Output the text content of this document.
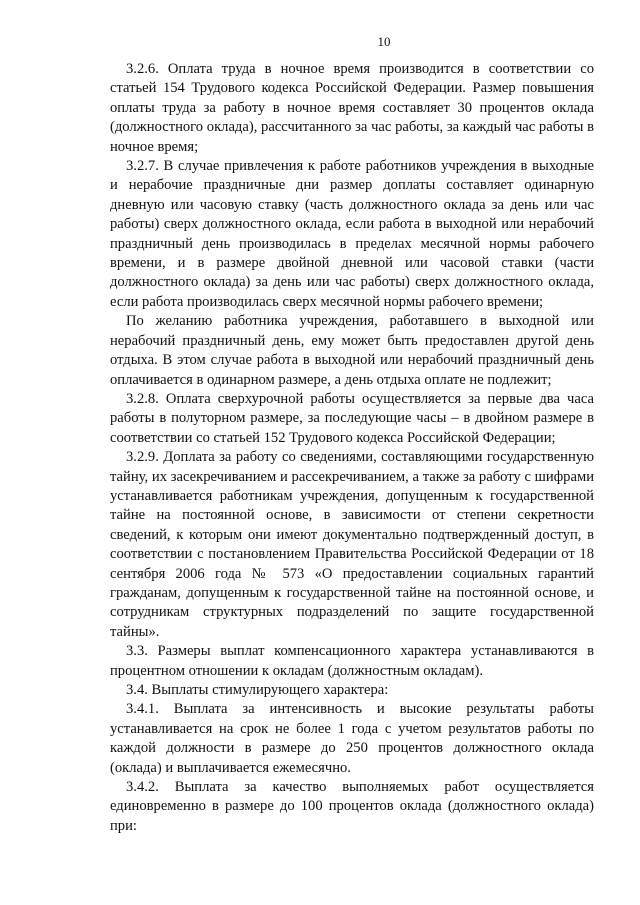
10

3.2.6. Оплата труда в ночное время производится в соответствии со статьей 154 Трудового кодекса Российской Федерации. Размер повышения оплаты труда за работу в ночное время составляет 30 процентов оклада (должностного оклада), рассчитанного за час работы, за каждый час работы в ночное время;

3.2.7. В случае привлечения к работе работников учреждения в выходные и нерабочие праздничные дни размер доплаты составляет одинарную дневную или часовую ставку (часть должностного оклада за день или час работы) сверх должностного оклада, если работа в выходной или нерабочий праздничный день производилась в пределах месячной нормы рабочего времени, и в размере двойной дневной или часовой ставки (части должностного оклада) за день или час работы) сверх должностного оклада, если работа производилась сверх месячной нормы рабочего времени;

По желанию работника учреждения, работавшего в выходной или нерабочий праздничный день, ему может быть предоставлен другой день отдыха. В этом случае работа в выходной или нерабочий праздничный день оплачивается в одинарном размере, а день отдыха оплате не подлежит;

3.2.8. Оплата сверхурочной работы осуществляется за первые два часа работы в полуторном размере, за последующие часы – в двойном размере в соответствии со статьей 152 Трудового кодекса Российской Федерации;

3.2.9. Доплата за работу со сведениями, составляющими государственную тайну, их засекречиванием и рассекречиванием, а также за работу с шифрами устанавливается работникам учреждения, допущенным к государственной тайне на постоянной основе, в зависимости от степени секретности сведений, к которым они имеют документально подтвержденный доступ, в соответствии с постановлением Правительства Российской Федерации от 18 сентября 2006 года № 573 «О предоставлении социальных гарантий гражданам, допущенным к государственной тайне на постоянной основе, и сотрудникам структурных подразделений по защите государственной тайны».

3.3. Размеры выплат компенсационного характера устанавливаются в процентном отношении к окладам (должностным окладам).

3.4. Выплаты стимулирующего характера:

3.4.1. Выплата за интенсивность и высокие результаты работы устанавливается на срок не более 1 года с учетом результатов работы по каждой должности в размере до 250 процентов должностного оклада (оклада) и выплачивается ежемесячно.

3.4.2. Выплата за качество выполняемых работ осуществляется единовременно в размере до 100 процентов оклада (должностного оклада) при:
